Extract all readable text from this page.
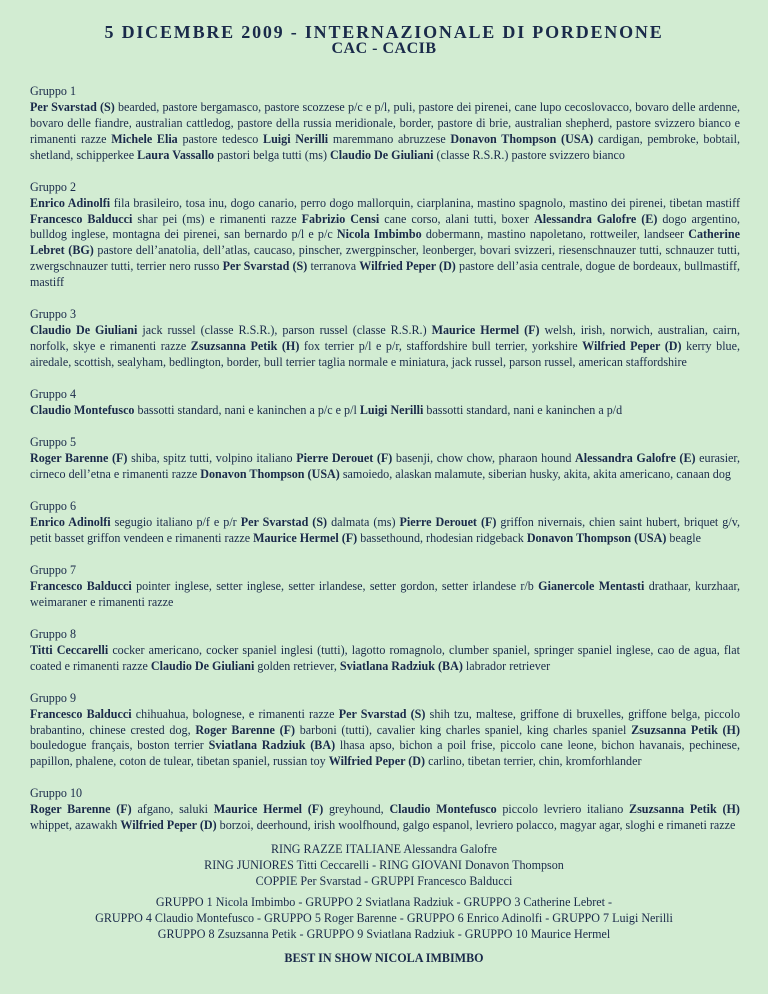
5 DICEMBRE 2009 - INTERNAZIONALE DI PORDENONE
CAC - CACIB
Gruppo 1
Per Svarstad (S) bearded, pastore bergamasco, pastore scozzese p/c e p/l, puli, pastore dei pirenei, cane lupo cecoslovacco, bovaro delle ardenne, bovaro delle fiandre, australian cattledog, pastore della russia meridionale, border, pastore di brie, australian shepherd, pastore svizzero bianco e rimanenti razze Michele Elia pastore tedesco Luigi Nerilli maremmano abruzzese Donavon Thompson (USA) cardigan, pembroke, bobtail, shetland, schipperkee Laura Vassallo pastori belga tutti (ms) Claudio De Giuliani (classe R.S.R.) pastore svizzero bianco
Gruppo 2
Enrico Adinolfi fila brasileiro, tosa inu, dogo canario, perro dogo mallorquin, ciarplanina, mastino spagnolo, mastino dei pirenei, tibetan mastiff Francesco Balducci shar pei (ms) e rimanenti razze Fabrizio Censi cane corso, alani tutti, boxer Alessandra Galofre (E) dogo argentino, bulldog inglese, montagna dei pirenei, san bernardo p/l e p/c Nicola Imbimbo dobermann, mastino napoletano, rottweiler, landseer Catherine Lebret (BG) pastore dell’anatolia, dell’atlas, caucaso, pinscher, zwergpinscher, leonberger, bovari svizzeri, riesenschnauzer tutti, schnauzer tutti, zwergschnauzer tutti, terrier nero russo Per Svarstad (S) terranova Wilfried Peper (D) pastore dell’asia centrale, dogue de bordeaux, bullmastiff, mastiff
Gruppo 3
Claudio De Giuliani jack russel (classe R.S.R.), parson russel (classe R.S.R.) Maurice Hermel (F) welsh, irish, norwich, australian, cairn, norfolk, skye e rimanenti razze Zsuzsanna Petik (H) fox terrier p/l e p/r, staffordshire bull terrier, yorkshire Wilfried Peper (D) kerry blue, airedale, scottish, sealyham, bedlington, border, bull terrier taglia normale e miniatura, jack russel, parson russel, american staffordshire
Gruppo 4
Claudio Montefusco bassotti standard, nani e kaninchen a p/c e p/l Luigi Nerilli bassotti standard, nani e kaninchen a p/d
Gruppo 5
Roger Barenne (F) shiba, spitz tutti, volpino italiano Pierre Derouet (F) basenji, chow chow, pharaon hound Alessandra Galofre (E) eurasier, cirneco dell’etna e rimanenti razze Donavon Thompson (USA) samoiedo, alaskan malamute, siberian husky, akita, akita americano, canaan dog
Gruppo 6
Enrico Adinolfi segugio italiano p/f e p/r Per Svarstad (S) dalmata (ms) Pierre Derouet (F) griffon nivernais, chien saint hubert, briquet g/v, petit basset griffon vendeen e rimanenti razze Maurice Hermel (F) bassethound, rhodesian ridgeback Donavon Thompson (USA) beagle
Gruppo 7
Francesco Balducci pointer inglese, setter inglese, setter irlandese, setter gordon, setter irlandese r/b Gianercole Mentasti drathaar, kurzhaar, weimaraner e rimanenti razze
Gruppo 8
Titti Ceccarelli cocker americano, cocker spaniel inglesi (tutti), lagotto romagnolo, clumber spaniel, springer spaniel inglese, cao de agua, flat coated e rimanenti razze Claudio De Giuliani golden retriever, Sviatlana Radziuk (BA) labrador retriever
Gruppo 9
Francesco Balducci chihuahua, bolognese, e rimanenti razze Per Svarstad (S) shih tzu, maltese, griffone di bruxelles, griffone belga, piccolo brabantino, chinese crested dog, Roger Barenne (F) barboni (tutti), cavalier king charles spaniel, king charles spaniel Zsuzsanna Petik (H) bouledogue français, boston terrier Sviatlana Radziuk (BA) lhasa apso, bichon a poil frise, piccolo cane leone, bichon havanais, pechinese, papillon, phalene, coton de tulear, tibetan spaniel, russian toy Wilfried Peper (D) carlino, tibetan terrier, chin, kromforhlander
Gruppo 10
Roger Barenne (F) afgano, saluki Maurice Hermel (F) greyhound, Claudio Montefusco piccolo levriero italiano Zsuzsanna Petik (H) whippet, azawakh Wilfried Peper (D) borzoi, deerhound, irish woolfhound, galgo espanol, levriero polacco, magyar agar, sloghi e rimaneti razze
RING RAZZE ITALIANE Alessandra Galofre
RING JUNIORES Titti Ceccarelli - RING GIOVANI Donavon Thompson
COPPIE Per Svarstad - GRUPPI Francesco Balducci
GRUPPO 1 Nicola Imbimbo - GRUPPO 2 Sviatlana Radziuk - GRUPPO 3 Catherine Lebret -
GRUPPO 4 Claudio Montefusco - GRUPPO 5 Roger Barenne - GRUPPO 6 Enrico Adinolfi - GRUPPO 7 Luigi Nerilli
GRUPPO 8 Zsuzsanna Petik - GRUPPO 9 Sviatlana Radziuk - GRUPPO 10 Maurice Hermel
BEST IN SHOW NICOLA IMBIMBO
